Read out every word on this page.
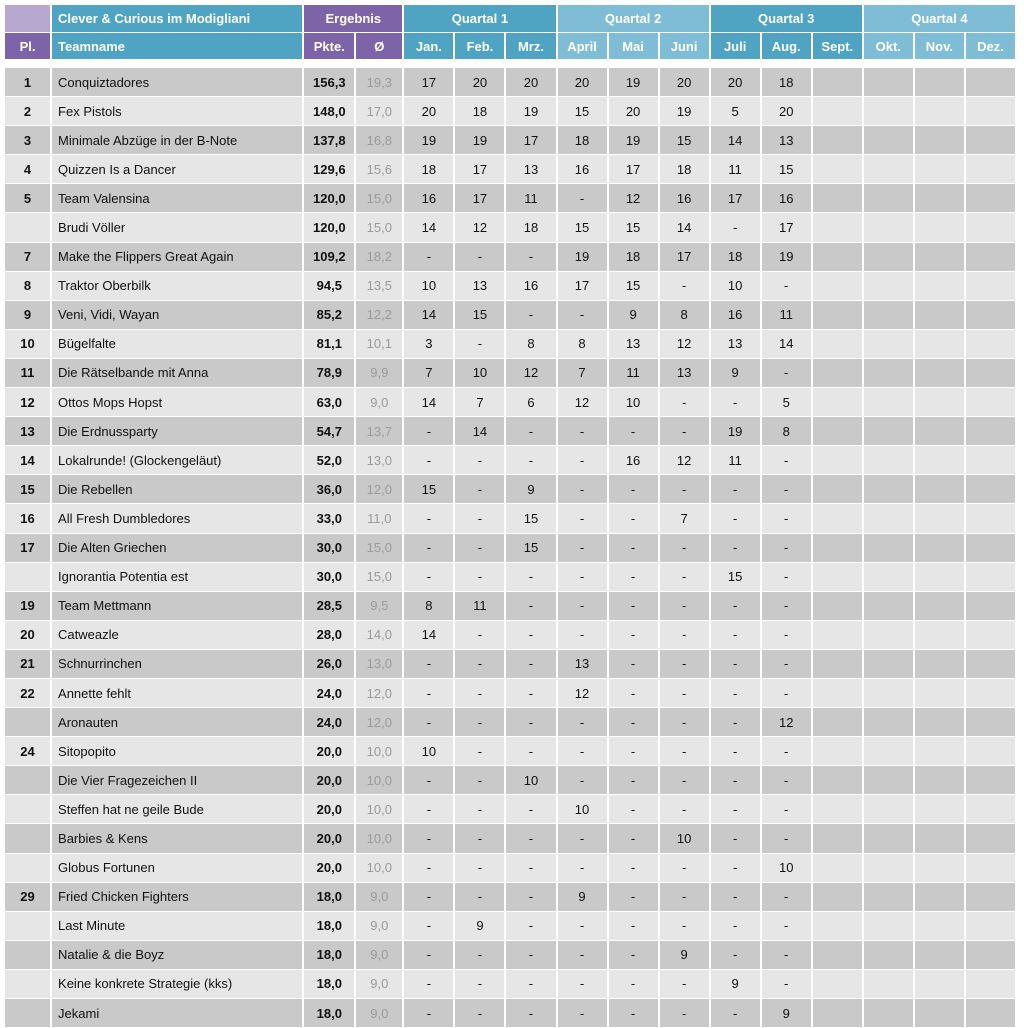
	Clever & Curious im Modigliani	Ergebnis		Quartal 1			Quartal 2			Quartal 3			Quartal 4		
Pl.	Teamname	Pkte.	Ø	Jan.	Feb.	Mrz.	April	Mai	Juni	Juli	Aug.	Sept.	Okt.	Nov.	Dez.

1	Conquiztadores	156,3	19,3	17	20	20	20	19	20	20	18				
2	Fex Pistols	148,0	17,0	20	18	19	15	20	19	5	20				
3	Minimale Abzüge in der B-Note	137,8	16,8	19	19	17	18	19	15	14	13				
4	Quizzen Is a Dancer	129,6	15,6	18	17	13	16	17	18	11	15				
5	Team Valensina	120,0	15,0	16	17	11	-	12	16	17	16				
	Brudi Völler	120,0	15,0	14	12	18	15	15	14	-	17				
7	Make the Flippers Great Again	109,2	18,2	-	-	-	19	18	17	18	19				
8	Traktor Oberbilk	94,5	13,5	10	13	16	17	15	-	10	-				
9	Veni, Vidi, Wayan	85,2	12,2	14	15	-	-	9	8	16	11				
10	Bügelfalte	81,1	10,1	3	-	8	8	13	12	13	14				
11	Die Rätselbande mit Anna	78,9	9,9	7	10	12	7	11	13	9	-				
12	Ottos Mops Hopst	63,0	9,0	14	7	6	12	10	-	-	5				
13	Die Erdnussparty	54,7	13,7	-	14	-	-	-	-	19	8				
14	Lokalrunde! (Glockengeläut)	52,0	13,0	-	-	-	-	16	12	11	-				
15	Die Rebellen	36,0	12,0	15	-	9	-	-	-	-	-				
16	All Fresh Dumbledores	33,0	11,0	-	-	15	-	-	7	-	-				
17	Die Alten Griechen	30,0	15,0	-	-	15	-	-	-	-	-				
	Ignorantia Potentia est	30,0	15,0	-	-	-	-	-	-	15	-				
19	Team Mettmann	28,5	9,5	8	11	-	-	-	-	-	-				
20	Catweazle	28,0	14,0	14	-	-	-	-	-	-	-				
21	Schnurrinchen	26,0	13,0	-	-	-	13	-	-	-	-				
22	Annette fehlt	24,0	12,0	-	-	-	12	-	-	-	-				
	Aronauten	24,0	12,0	-	-	-	-	-	-	-	12				
24	Sitopopito	20,0	10,0	10	-	-	-	-	-	-	-				
	Die Vier Fragezeichen II	20,0	10,0	-	-	10	-	-	-	-	-				
	Steffen hat ne geile Bude	20,0	10,0	-	-	-	10	-	-	-	-				
	Barbies & Kens	20,0	10,0	-	-	-	-	-	10	-	-				
	Globus Fortunen	20,0	10,0	-	-	-	-	-	-	-	10				
29	Fried Chicken Fighters	18,0	9,0	-	-	-	9	-	-	-	-				
	Last Minute	18,0	9,0	-	9	-	-	-	-	-	-				
	Natalie & die Boyz	18,0	9,0	-	-	-	-	-	9	-	-				
	Keine konkrete Strategie (kks)	18,0	9,0	-	-	-	-	-	-	9	-				
	Jekami	18,0	9,0	-	-	-	-	-	-	-	9				
